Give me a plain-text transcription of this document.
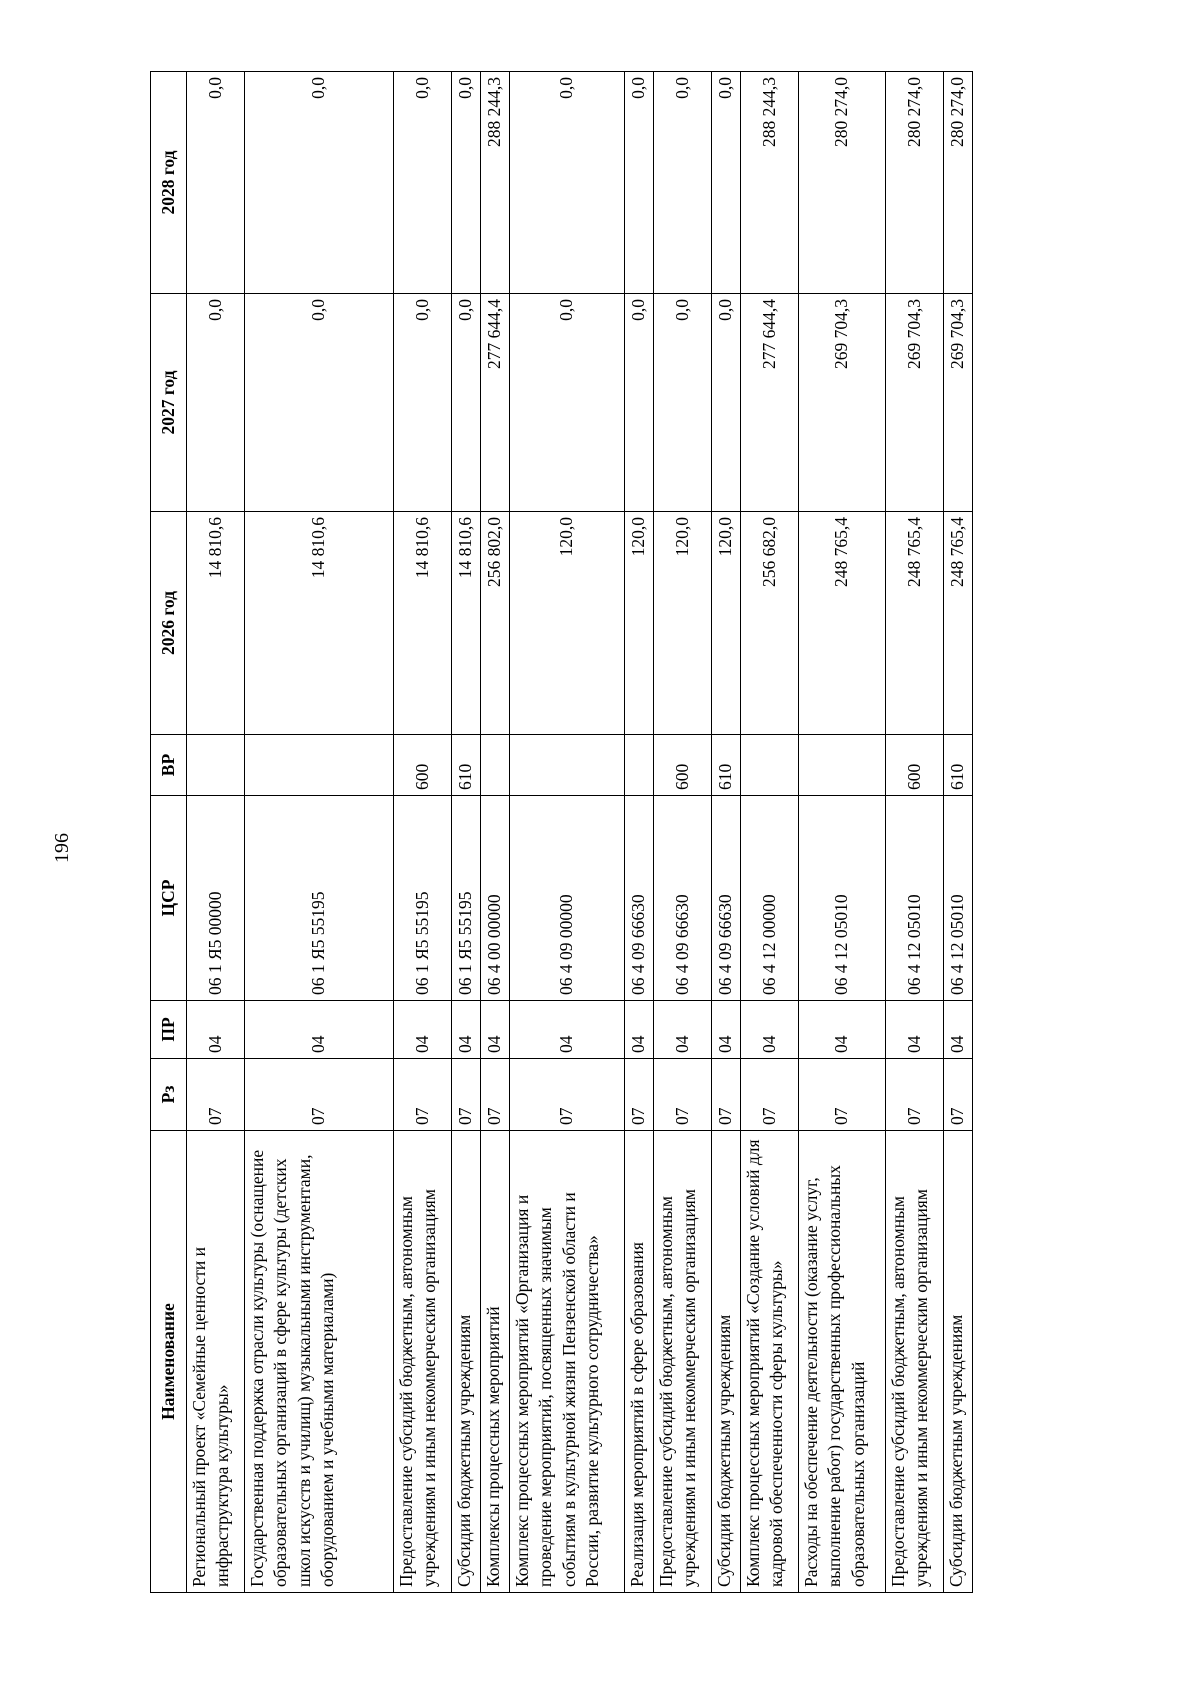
196
Наименование	Рз	ПР	ЦСР	ВР	2026 год	2027 год	2028 год
Региональный проект «Семейные ценности и инфраструктура культуры»	07	04	06 1 Я5 00000		14 810,6	0,0	0,0
Государственная поддержка отрасли культуры (оснащение образовательных организаций в сфере культуры (детских школ искусств и училищ) музыкальными инструментами, оборудованием и учебными материалами)	07	04	06 1 Я5 55195		14 810,6	0,0	0,0
Предоставление субсидий бюджетным, автономным учреждениям и иным некоммерческим организациям	07	04	06 1 Я5 55195	600	14 810,6	0,0	0,0
Субсидии бюджетным учреждениям	07	04	06 1 Я5 55195	610	14 810,6	0,0	0,0
Комплексы процессных мероприятий	07	04	06 4 00 00000		256 802,0	277 644,4	288 244,3
Комплекс процессных мероприятий «Организация и проведение мероприятий, посвященных значимым событиям в культурной жизни Пензенской области и России, развитие культурного сотрудничества»	07	04	06 4 09 00000		120,0	0,0	0,0
Реализация мероприятий в сфере образования	07	04	06 4 09 66630		120,0	0,0	0,0
Предоставление субсидий бюджетным, автономным учреждениям и иным некоммерческим организациям	07	04	06 4 09 66630	600	120,0	0,0	0,0
Субсидии бюджетным учреждениям	07	04	06 4 09 66630	610	120,0	0,0	0,0
Комплекс процессных мероприятий «Создание условий для кадровой обеспеченности сферы культуры»	07	04	06 4 12 00000		256 682,0	277 644,4	288 244,3
Расходы на обеспечение деятельности (оказание услуг, выполнение работ) государственных профессиональных образовательных организаций	07	04	06 4 12 05010		248 765,4	269 704,3	280 274,0
Предоставление субсидий бюджетным, автономным учреждениям и иным некоммерческим организациям	07	04	06 4 12 05010	600	248 765,4	269 704,3	280 274,0
Субсидии бюджетным учреждениям	07	04	06 4 12 05010	610	248 765,4	269 704,3	280 274,0
